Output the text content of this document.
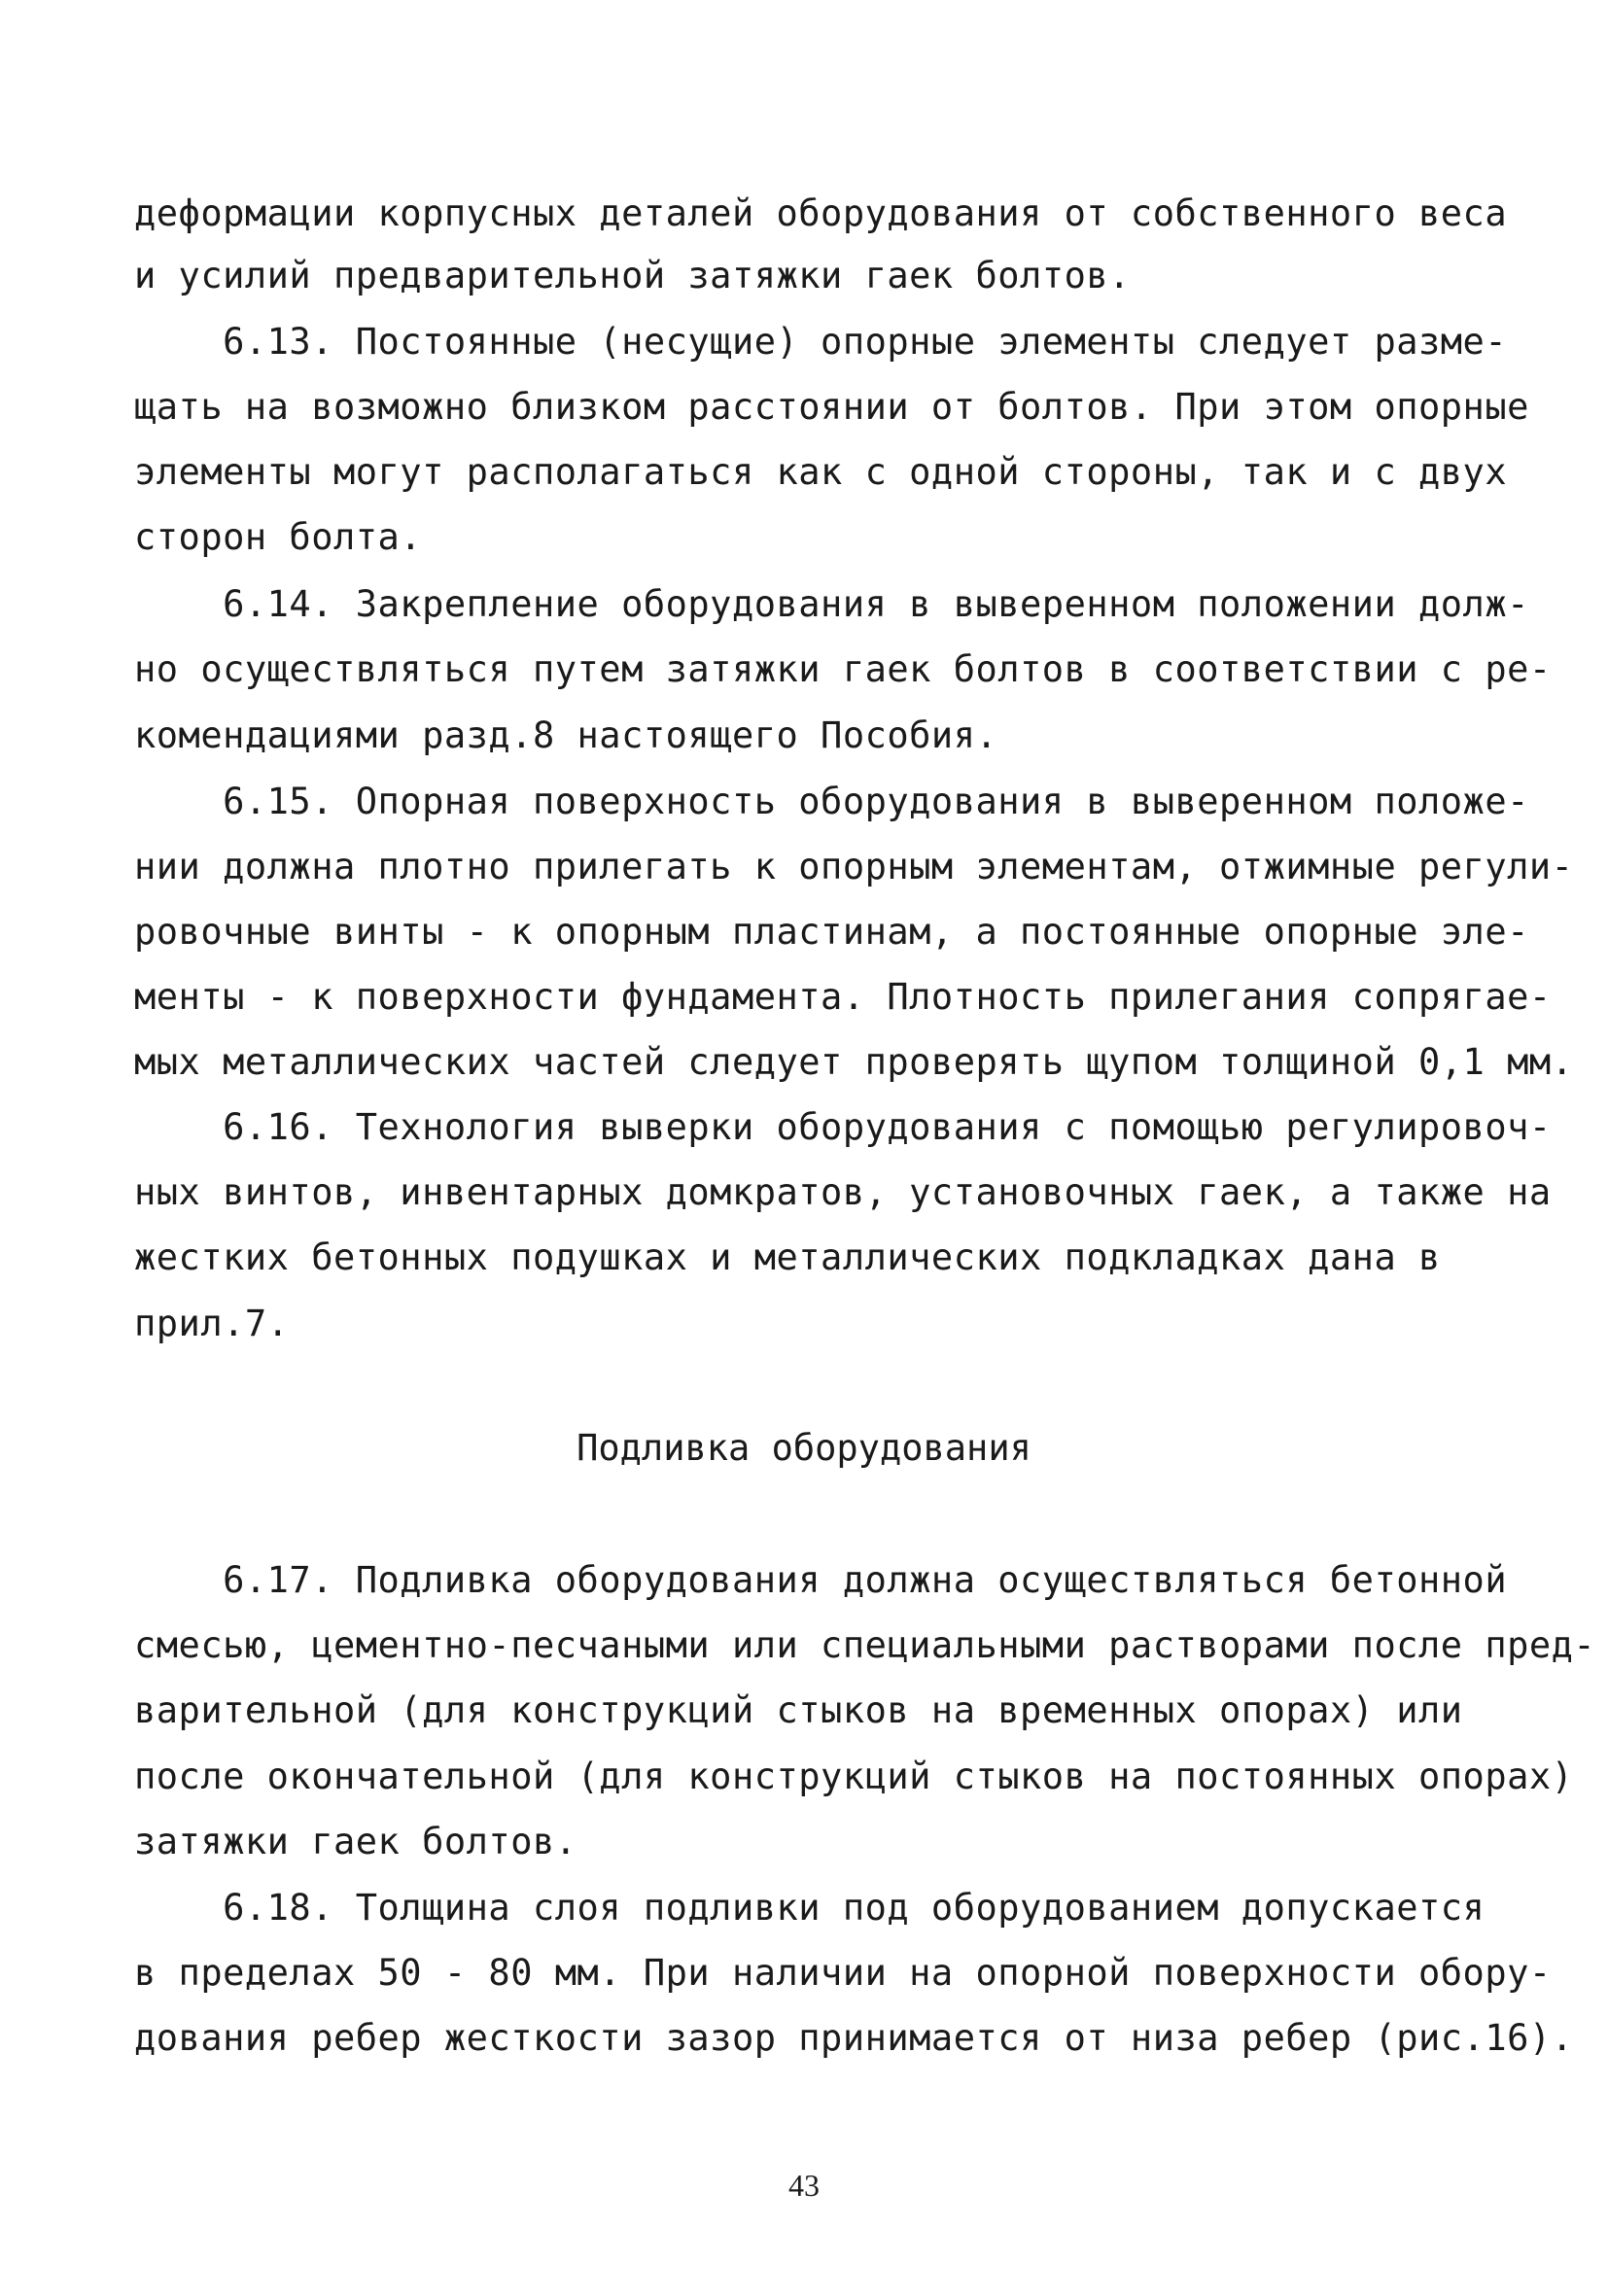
деформации корпусных деталей оборудования от собственного веса
и усилий предварительной затяжки гаек болтов.
6.13. Постоянные (несущие) опорные элементы следует разме-
щать на возможно близком расстоянии от болтов. При этом опорные
элементы могут располагаться как с одной стороны, так и с двух
сторон болта.
6.14. Закрепление оборудования в выверенном положении долж-
но осуществляться путем затяжки гаек болтов в соответствии с ре-
комендациями разд.8 настоящего Пособия.
6.15. Опорная поверхность оборудования в выверенном положе-
нии должна плотно прилегать к опорным элементам, отжимные регули-
ровочные винты - к опорным пластинам, а постоянные опорные эле-
менты - к поверхности фундамента. Плотность прилегания сопрягае-
мых металлических частей следует проверять щупом толщиной 0,1 мм.
6.16. Технология выверки оборудования с помощью регулировоч-
ных винтов, инвентарных домкратов, установочных гаек, а также на
жестких бетонных подушках и металлических подкладках дана в
прил.7.
Подливка оборудования
6.17. Подливка оборудования должна осуществляться бетонной
смесью, цементно-песчаными или специальными растворами после пред-
варительной (для конструкций стыков на временных опорах) или
после окончательной (для конструкций стыков на постоянных опорах)
затяжки гаек болтов.
6.18. Толщина слоя подливки под оборудованием допускается
в пределах 50 - 80 мм. При наличии на опорной поверхности обору-
дования ребер жесткости зазор принимается от низа ребер (рис.16).
43
